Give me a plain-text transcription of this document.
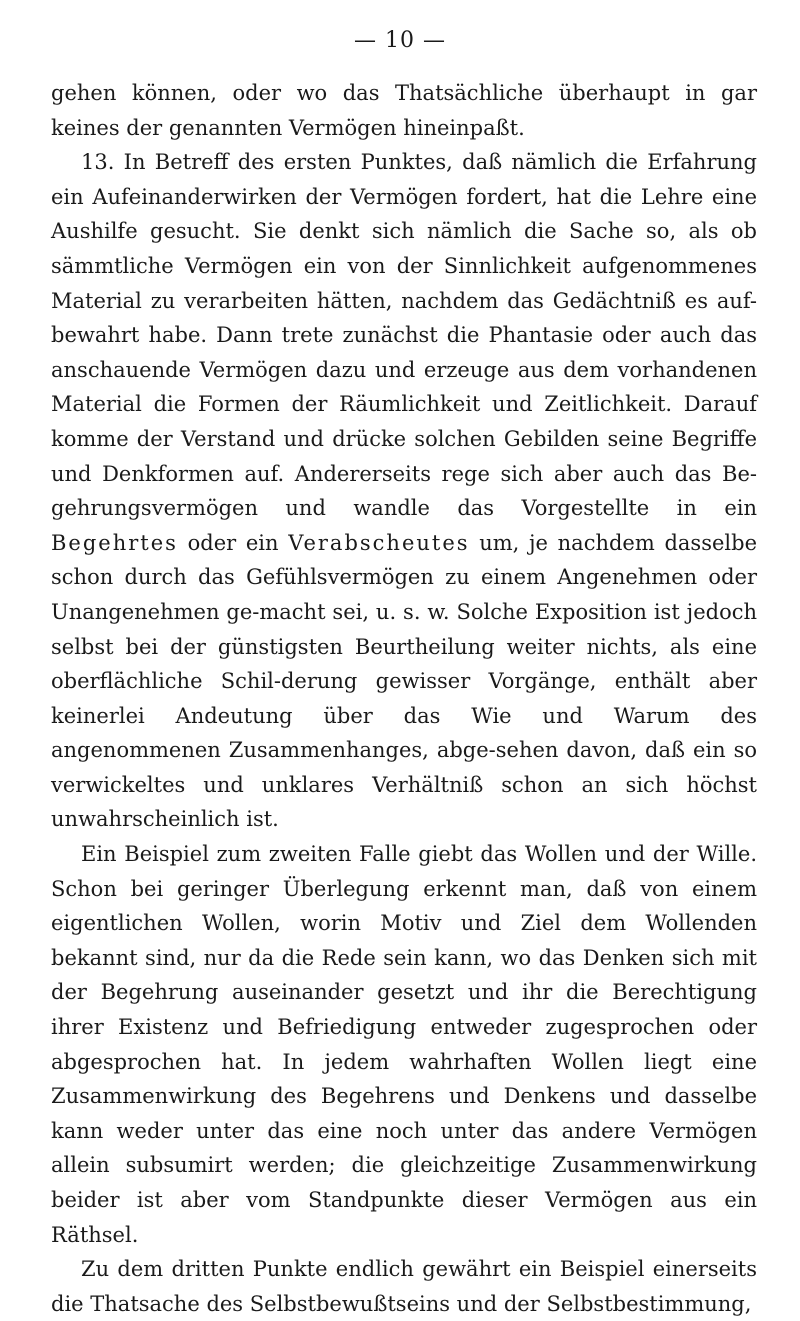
— 10 —

gehen können, oder wo das Thatsächliche überhaupt in gar keines der genannten Vermögen hineinpaßt.

13. In Betreff des ersten Punktes, daß nämlich die Erfahrung ein Aufeinanderwirken der Vermögen fordert, hat die Lehre eine Aushilfe gesucht. Sie denkt sich nämlich die Sache so, als ob sämmtliche Vermögen ein von der Sinnlichkeit aufgenommenes Material zu verarbeiten hätten, nachdem das Gedächtniß es auf-bewahrt habe. Dann trete zunächst die Phantasie oder auch das anschauende Vermögen dazu und erzeuge aus dem vorhandenen Material die Formen der Räumlichkeit und Zeitlichkeit. Darauf komme der Verstand und drücke solchen Gebilden seine Begriffe und Denkformen auf. Andererseits rege sich aber auch das Be-gehrungsvermögen und wandle das Vorgestellte in ein Begehrtes oder ein Verabscheutes um, je nachdem dasselbe schon durch das Gefühlsvermögen zu einem Angenehmen oder Unangenehmen ge-macht sei, u. s. w. Solche Exposition ist jedoch selbst bei der günstigsten Beurtheilung weiter nichts, als eine oberflächliche Schil-derung gewisser Vorgänge, enthält aber keinerlei Andeutung über das Wie und Warum des angenommenen Zusammenhanges, abge-sehen davon, daß ein so verwickeltes und unklares Verhältniß schon an sich höchst unwahrscheinlich ist.

Ein Beispiel zum zweiten Falle giebt das Wollen und der Wille. Schon bei geringer Überlegung erkennt man, daß von einem eigentlichen Wollen, worin Motiv und Ziel dem Wollenden bekannt sind, nur da die Rede sein kann, wo das Denken sich mit der Begehrung auseinander gesetzt und ihr die Berechtigung ihrer Existenz und Befriedigung entweder zugesprochen oder abgesprochen hat. In jedem wahrhaften Wollen liegt eine Zusammenwirkung des Begehrens und Denkens und dasselbe kann weder unter das eine noch unter das andere Vermögen allein subsumirt werden; die gleichzeitige Zusammenwirkung beider ist aber vom Standpunkte dieser Vermögen aus ein Räthsel.

Zu dem dritten Punkte endlich gewährt ein Beispiel einerseits die Thatsache des Selbstbewußtseins und der Selbstbestimmung,
